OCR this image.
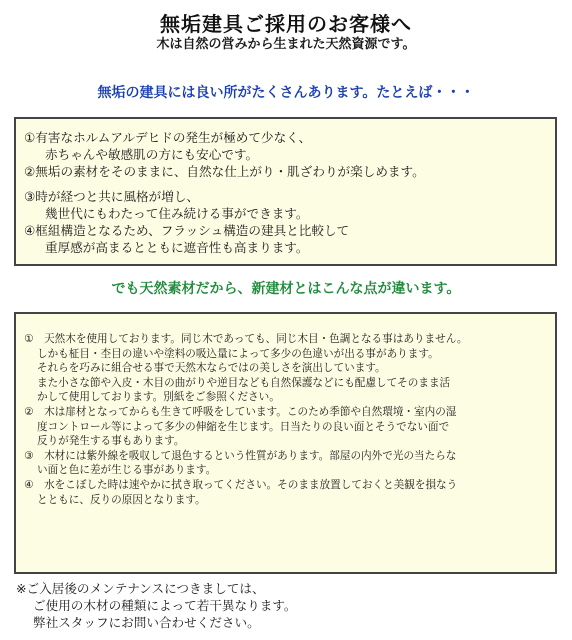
無垢建具ご採用のお客様へ
木は自然の営みから生まれた天然資源です。
無垢の建具には良い所がたくさんあります。たとえば・・・
①有害なホルムアルデヒドの発生が極めて少なく、
赤ちゃんや敏感肌の方にも安心です。
②無垢の素材をそのままに、自然な仕上がり・肌ざわりが楽しめます。
③時が経つと共に風格が増し、
幾世代にもわたって住み続ける事ができます。
④框組構造となるため、フラッシュ構造の建具と比較して
重厚感が高まるとともに遮音性も高まります。
でも天然素材だから、新建材とはこんな点が違います。
①　天然木を使用しております。同じ木であっても、同じ木目・色調となる事はありません。
しかも柾目・杢目の違いや塗料の吸込量によって多少の色違いが出る事があります。
それらを巧みに組合せる事で天然木ならではの美しさを演出しています。
また小さな節や入皮・木目の曲がりや逆目なども自然保護などにも配慮してそのまま活
かして使用しております。別紙をご参照ください。
②　木は扉材となってからも生きて呼吸をしています。このため季節や自然環境・室内の湿
度コントロール等によって多少の伸縮を生じます。日当たりの良い面とそうでない面で
反りが発生する事もあります。
③　木材には紫外線を吸収して退色するという性質があります。部屋の内外で光の当たらな
い面と色に差が生じる事があります。
④　水をこぼした時は速やかに拭き取ってください。そのまま放置しておくと美観を損なう
とともに、反りの原因となります。
※ご入居後のメンテナンスにつきましては、
ご使用の木材の種類によって若干異なります。
弊社スタッフにお問い合わせください。
